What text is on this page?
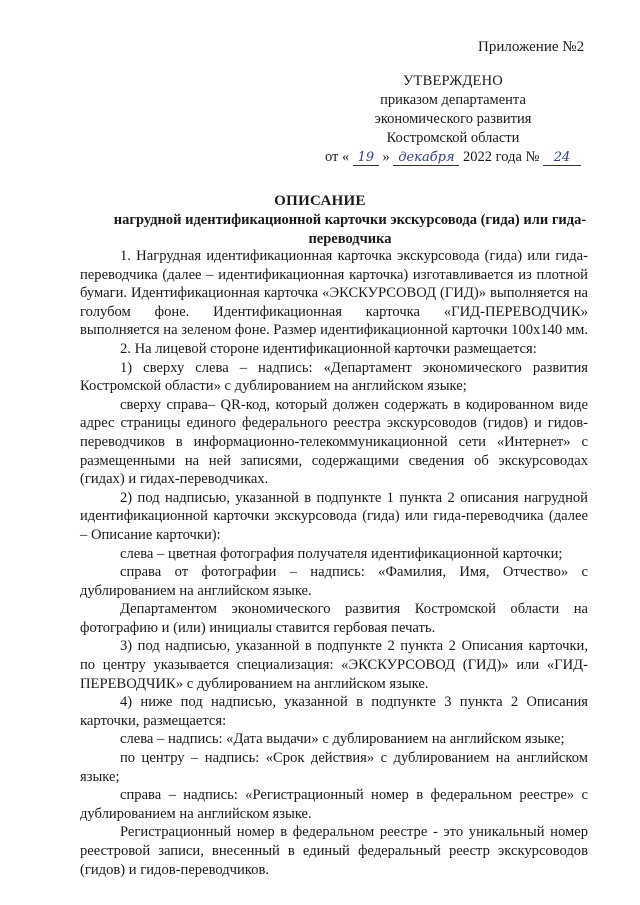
Приложение №2
УТВЕРЖДЕНО
приказом департамента
экономического развития
Костромской области
от « 19 » декабря 2022 года № 24
ОПИСАНИЕ
нагрудной идентификационной карточки экскурсовода (гида) или гида-переводчика

1. Нагрудная идентификационная карточка экскурсовода (гида) или гида-переводчика (далее – идентификационная карточка) изготавливается из плотной бумаги. Идентификационная карточка «ЭКСКУРСОВОД (ГИД)» выполняется на голубом фоне. Идентификационная карточка «ГИД-ПЕРЕВОДЧИК» выполняется на зеленом фоне. Размер идентификационной карточки 100х140 мм.

2. На лицевой стороне идентификационной карточки размещается:

1) сверху слева – надпись: «Департамент экономического развития Костромской области» с дублированием на английском языке;

сверху справа– QR-код, который должен содержать в кодированном виде адрес страницы единого федерального реестра экскурсоводов (гидов) и гидов-переводчиков в информационно-телекоммуникационной сети «Интернет» с размещенными на ней записями, содержащими сведения об экскурсоводах (гидах) и гидах-переводчиках.

2) под надписью, указанной в подпункте 1 пункта 2 описания нагрудной идентификационной карточки экскурсовода (гида) или гида-переводчика (далее – Описание карточки):

слева – цветная фотография получателя идентификационной карточки;

справа от фотографии – надпись: «Фамилия, Имя, Отчество» с дублированием на английском языке.

Департаментом экономического развития Костромской области на фотографию и (или) инициалы ставится гербовая печать.

3) под надписью, указанной в подпункте 2 пункта 2 Описания карточки, по центру указывается специализация: «ЭКСКУРСОВОД (ГИД)» или «ГИД-ПЕРЕВОДЧИК» с дублированием на английском языке.

4) ниже под надписью, указанной в подпункте 3 пункта 2 Описания карточки, размещается:

слева – надпись: «Дата выдачи» с дублированием на английском языке;

по центру – надпись: «Срок действия» с дублированием на английском языке;

справа – надпись: «Регистрационный номер в федеральном реестре» с дублированием на английском языке.

Регистрационный номер в федеральном реестре - это уникальный номер реестровой записи, внесенный в единый федеральный реестр экскурсоводов (гидов) и гидов-переводчиков.
